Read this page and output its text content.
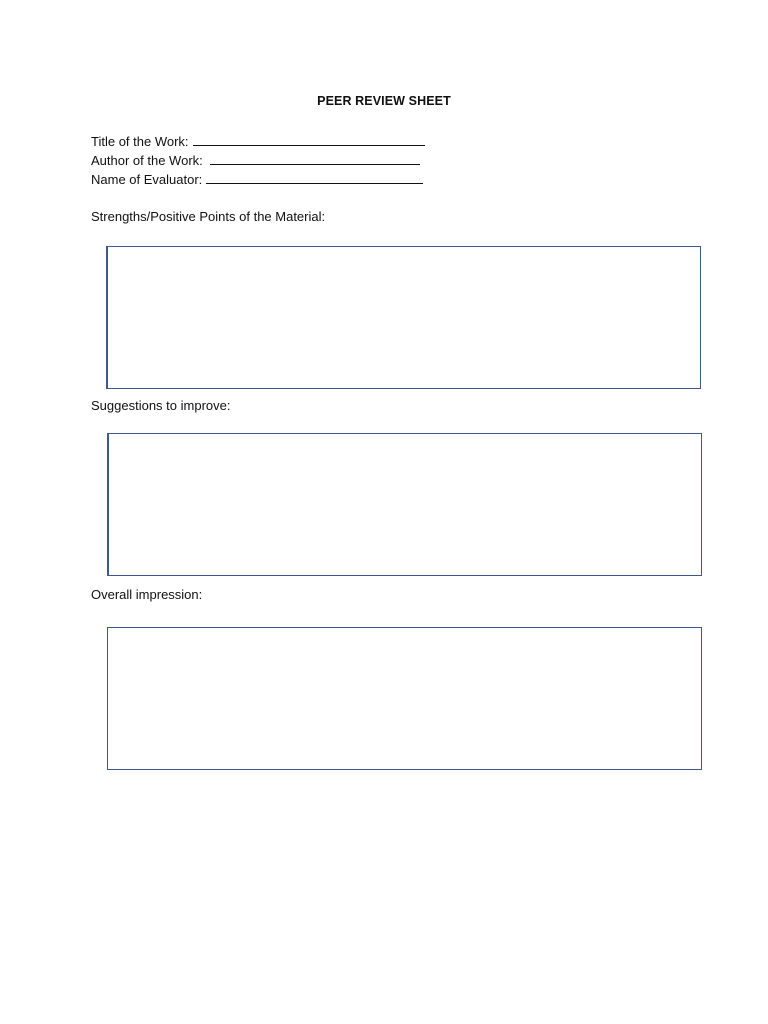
PEER REVIEW SHEET
Title of the Work:
Author of the Work:
Name of Evaluator:
Strengths/Positive Points of the Material:
Suggestions to improve:
Overall impression:
